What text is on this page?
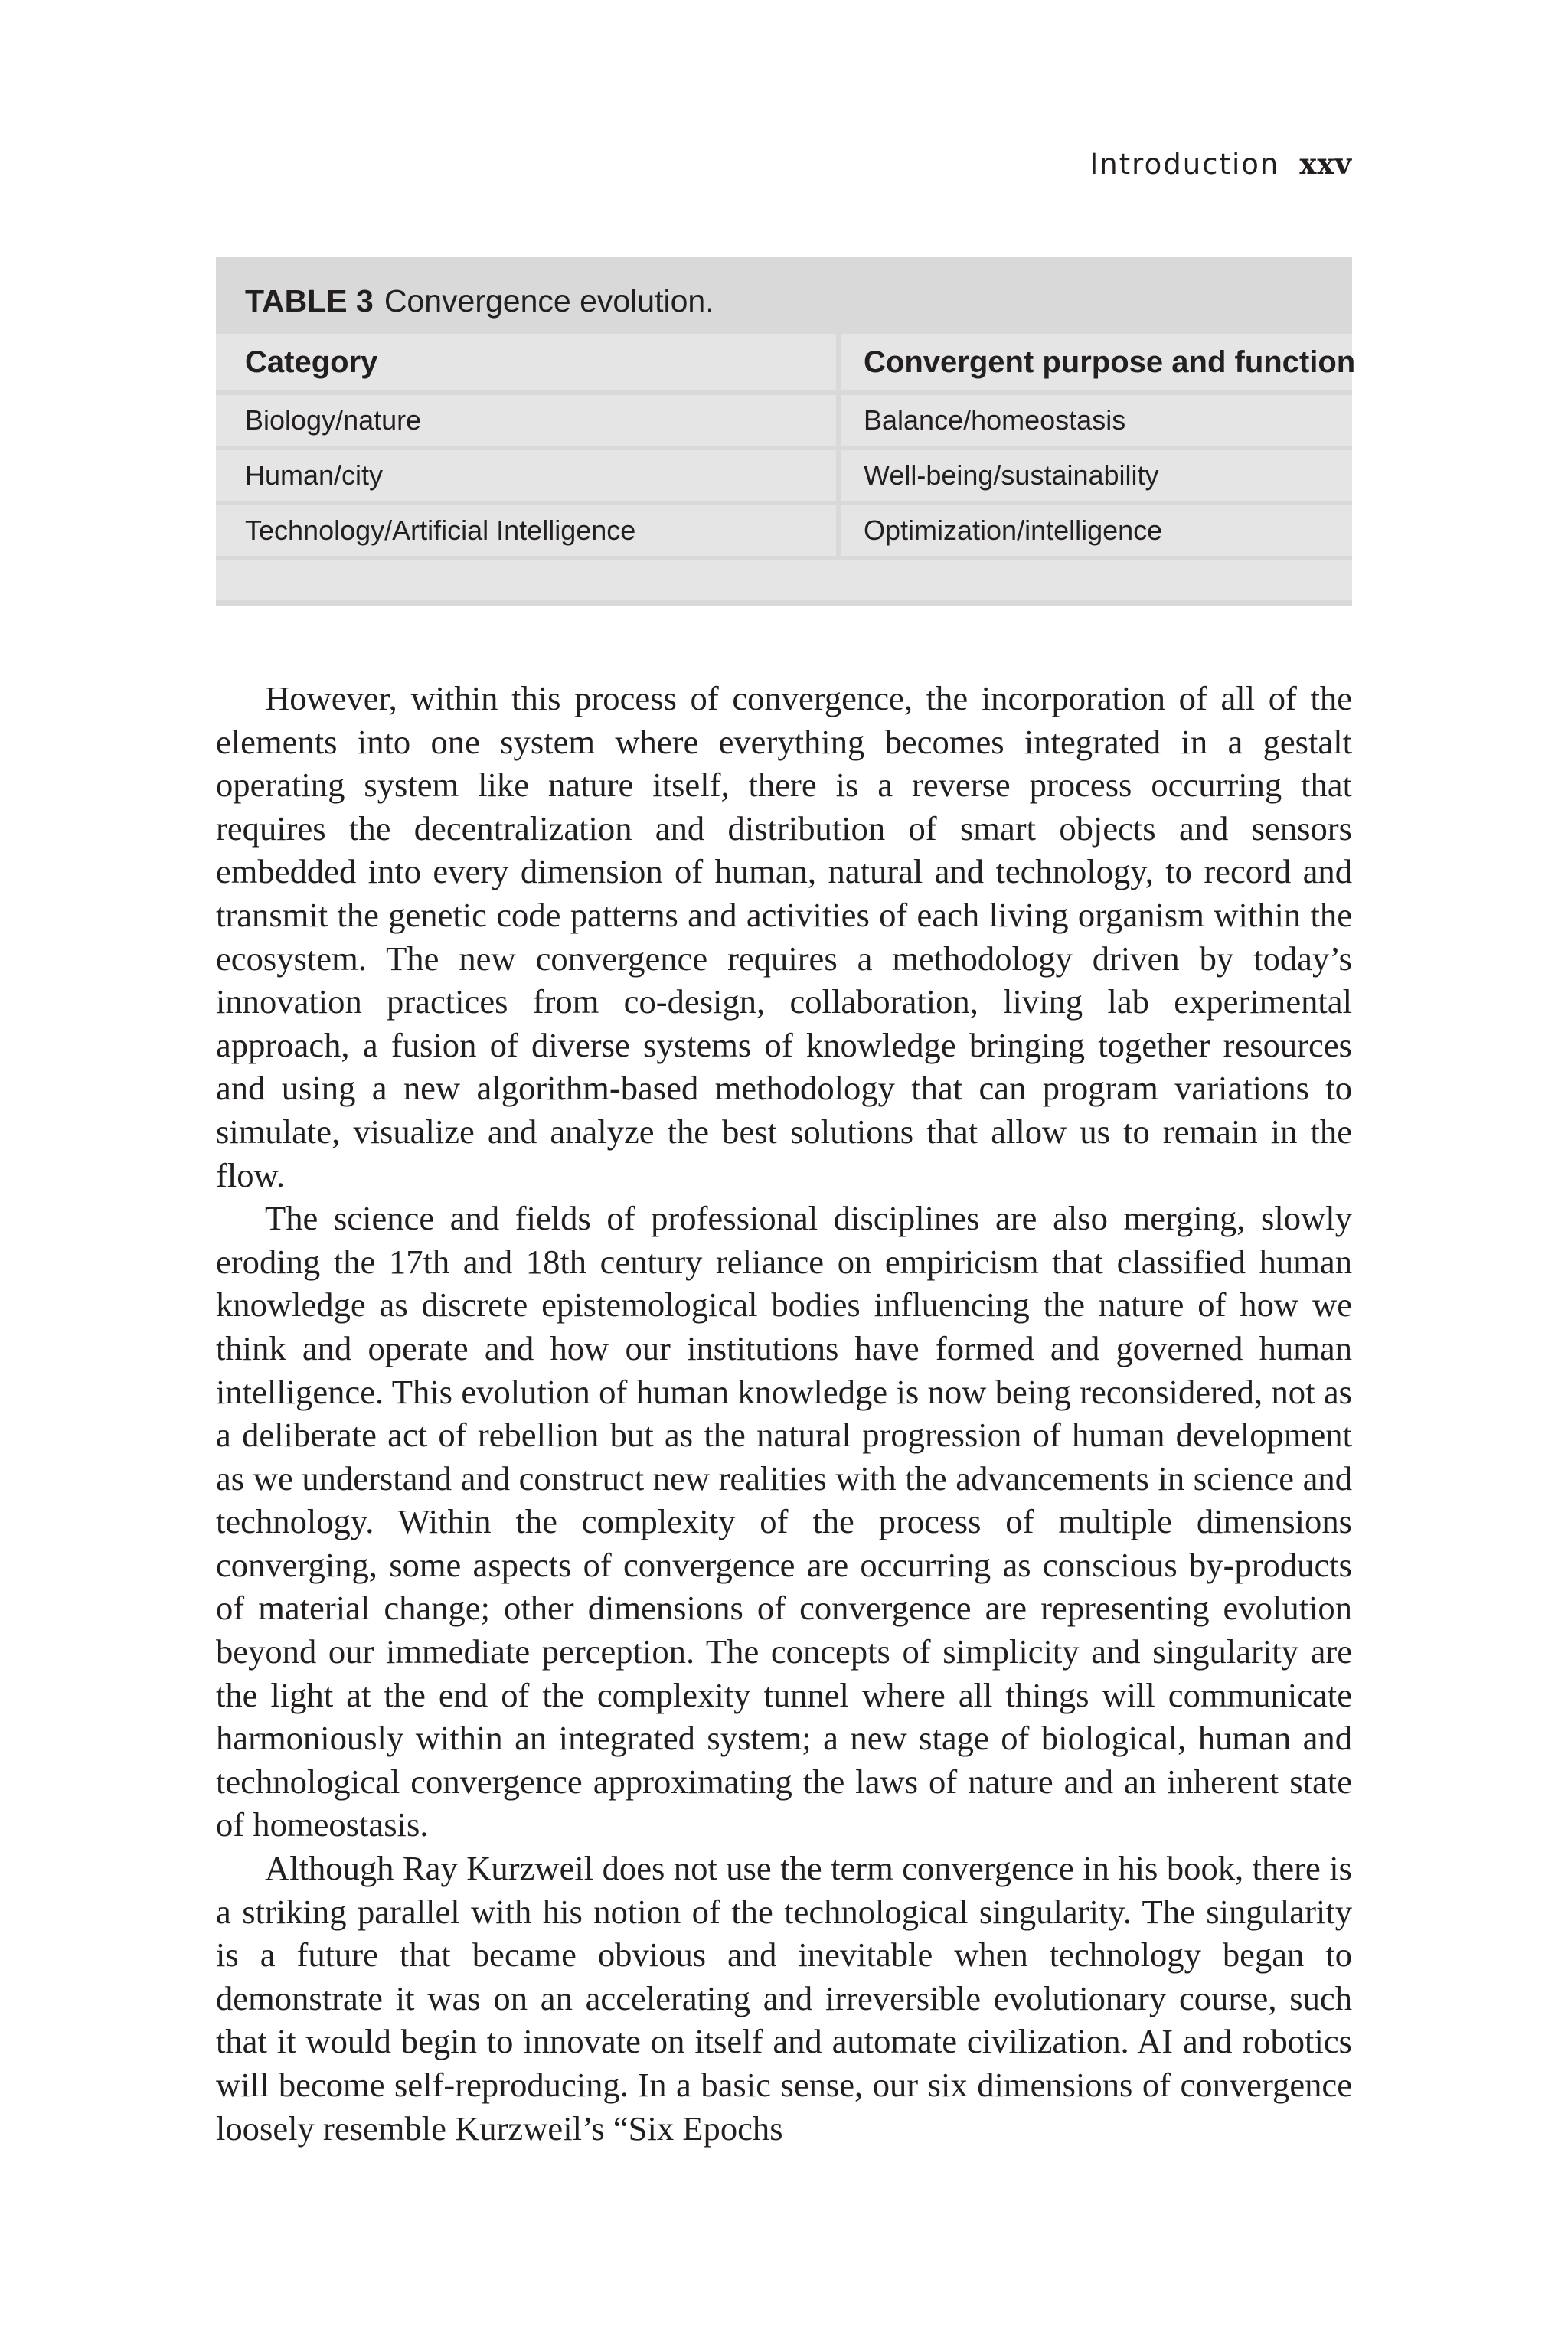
Introduction xxv
TABLE 3 Convergence evolution.
Category	Convergent purpose and function
Biology/nature	Balance/homeostasis
Human/city	Well-being/sustainability
Technology/Artificial Intelligence	Optimization/intelligence

However, within this process of convergence, the incorporation of all of the elements into one system where everything becomes integrated in a gestalt operating system like nature itself, there is a reverse process occurring that requires the decentralization and distribution of smart objects and sensors embedded into every dimension of human, natural and technology, to record and transmit the genetic code patterns and activities of each living organism within the ecosystem. The new convergence requires a methodology driven by today’s innovation practices from co-design, collaboration, living lab experimental approach, a fusion of diverse systems of knowledge bringing together resources and using a new algorithm-based methodology that can program variations to simulate, visualize and analyze the best solutions that allow us to remain in the flow.

The science and fields of professional disciplines are also merging, slowly eroding the 17th and 18th century reliance on empiricism that classified human knowledge as discrete epistemological bodies influencing the nature of how we think and operate and how our institutions have formed and governed human intelligence. This evolution of human knowledge is now being reconsidered, not as a deliberate act of rebellion but as the natural progression of human development as we understand and construct new realities with the advancements in science and technology. Within the complexity of the process of multiple dimensions converging, some aspects of convergence are occurring as conscious by-products of material change; other dimensions of convergence are representing evolution beyond our immediate perception. The concepts of simplicity and singularity are the light at the end of the complexity tunnel where all things will communicate harmoniously within an integrated system; a new stage of biological, human and technological convergence approximating the laws of nature and an inherent state of homeostasis.

Although Ray Kurzweil does not use the term convergence in his book, there is a striking parallel with his notion of the technological singularity. The singularity is a future that became obvious and inevitable when technology began to demonstrate it was on an accelerating and irreversible evolutionary course, such that it would begin to innovate on itself and automate civilization. AI and robotics will become self-reproducing. In a basic sense, our six dimensions of convergence loosely resemble Kurzweil’s “Six Epochs
